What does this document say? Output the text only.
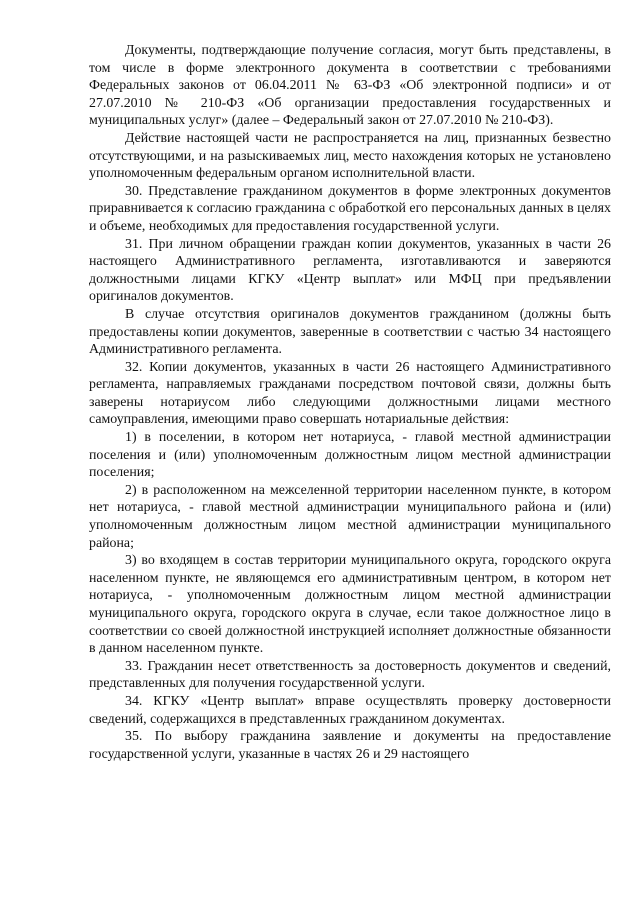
Документы, подтверждающие получение согласия, могут быть представлены, в том числе в форме электронного документа в соответствии с требованиями Федеральных законов от 06.04.2011 № 63-ФЗ «Об электронной подписи» и от 27.07.2010 № 210-ФЗ «Об организации предоставления государственных и муниципальных услуг» (далее – Федеральный закон от 27.07.2010 № 210-ФЗ).

Действие настоящей части не распространяется на лиц, признанных безвестно отсутствующими, и на разыскиваемых лиц, место нахождения которых не установлено уполномоченным федеральным органом исполнительной власти.

30. Представление гражданином документов в форме электронных документов приравнивается к согласию гражданина с обработкой его персональных данных в целях и объеме, необходимых для предоставления государственной услуги.

31. При личном обращении граждан копии документов, указанных в части 26 настоящего Административного регламента, изготавливаются и заверяются должностными лицами КГКУ «Центр выплат» или МФЦ при предъявлении оригиналов документов.

В случае отсутствия оригиналов документов гражданином (должны быть предоставлены копии документов, заверенные в соответствии с частью 34 настоящего Административного регламента.

32. Копии документов, указанных в части 26 настоящего Административного регламента, направляемых гражданами посредством почтовой связи, должны быть заверены нотариусом либо следующими должностными лицами местного самоуправления, имеющими право совершать нотариальные действия:

1) в поселении, в котором нет нотариуса, - главой местной администрации поселения и (или) уполномоченным должностным лицом местной администрации поселения;

2) в расположенном на межселенной территории населенном пункте, в котором нет нотариуса, - главой местной администрации муниципального района и (или) уполномоченным должностным лицом местной администрации муниципального района;

3) во входящем в состав территории муниципального округа, городского округа населенном пункте, не являющемся его административным центром, в котором нет нотариуса, - уполномоченным должностным лицом местной администрации муниципального округа, городского округа в случае, если такое должностное лицо в соответствии со своей должностной инструкцией исполняет должностные обязанности в данном населенном пункте.

33. Гражданин несет ответственность за достоверность документов и сведений, представленных для получения государственной услуги.

34. КГКУ «Центр выплат» вправе осуществлять проверку достоверности сведений, содержащихся в представленных гражданином документах.

35. По выбору гражданина заявление и документы на предоставление государственной услуги, указанные в частях 26 и 29 настоящего
